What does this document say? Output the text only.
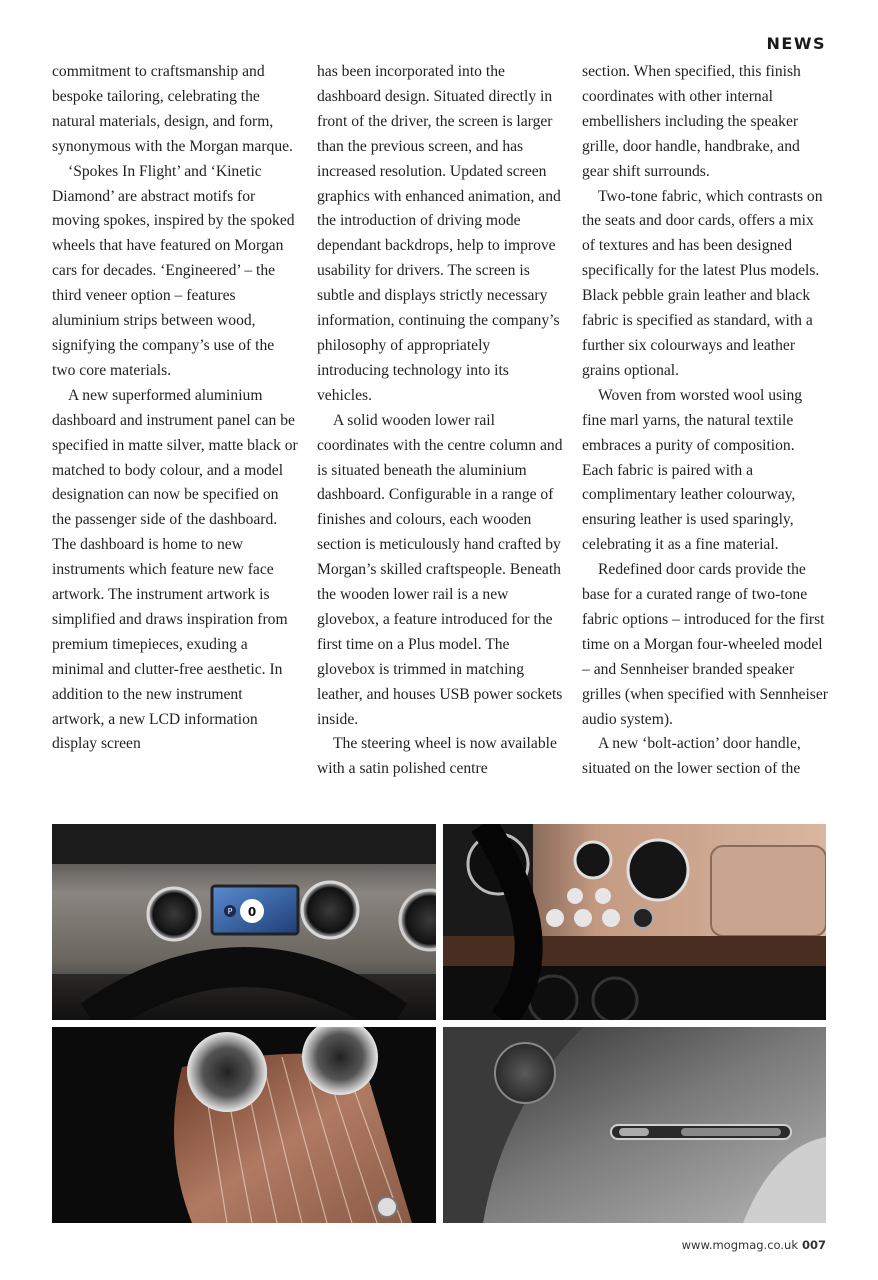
NEWS

commitment to craftsmanship and bespoke tailoring, celebrating the natural materials, design, and form, synonymous with the Morgan marque.

‘Spokes In Flight’ and ‘Kinetic Diamond’ are abstract motifs for moving spokes, inspired by the spoked wheels that have featured on Morgan cars for decades. ‘Engineered’ – the third veneer option – features aluminium strips between wood, signifying the company’s use of the two core materials.

A new superformed aluminium dashboard and instrument panel can be specified in matte silver, matte black or matched to body colour, and a model designation can now be specified on the passenger side of the dashboard. The dashboard is home to new instruments which feature new face artwork. The instrument artwork is simplified and draws inspiration from premium timepieces, exuding a minimal and clutter-free aesthetic. In addition to the new instrument artwork, a new LCD information display screen

has been incorporated into the dashboard design. Situated directly in front of the driver, the screen is larger than the previous screen, and has increased resolution. Updated screen graphics with enhanced animation, and the introduction of driving mode dependant backdrops, help to improve usability for drivers. The screen is subtle and displays strictly necessary information, continuing the company’s philosophy of appropriately introducing technology into its vehicles.

A solid wooden lower rail coordinates with the centre column and is situated beneath the aluminium dashboard. Configurable in a range of finishes and colours, each wooden section is meticulously hand crafted by Morgan’s skilled craftspeople. Beneath the wooden lower rail is a new glovebox, a feature introduced for the first time on a Plus model. The glovebox is trimmed in matching leather, and houses USB power sockets inside.

The steering wheel is now available with a satin polished centre

section. When specified, this finish coordinates with other internal embellishers including the speaker grille, door handle, handbrake, and gear shift surrounds.

Two-tone fabric, which contrasts on the seats and door cards, offers a mix of textures and has been designed specifically for the latest Plus models. Black pebble grain leather and black fabric is specified as standard, with a further six colourways and leather grains optional.

Woven from worsted wool using fine marl yarns, the natural textile embraces a purity of composition. Each fabric is paired with a complimentary leather colourway, ensuring leather is used sparingly, celebrating it as a fine material.

Redefined door cards provide the base for a curated range of two-tone fabric options – introduced for the first time on a Morgan four-wheeled model – and Sennheiser branded speaker grilles (when specified with Sennheiser audio system).

A new ‘bolt-action’ door handle, situated on the lower section of the

P 0
www.mogmag.co.uk 007
